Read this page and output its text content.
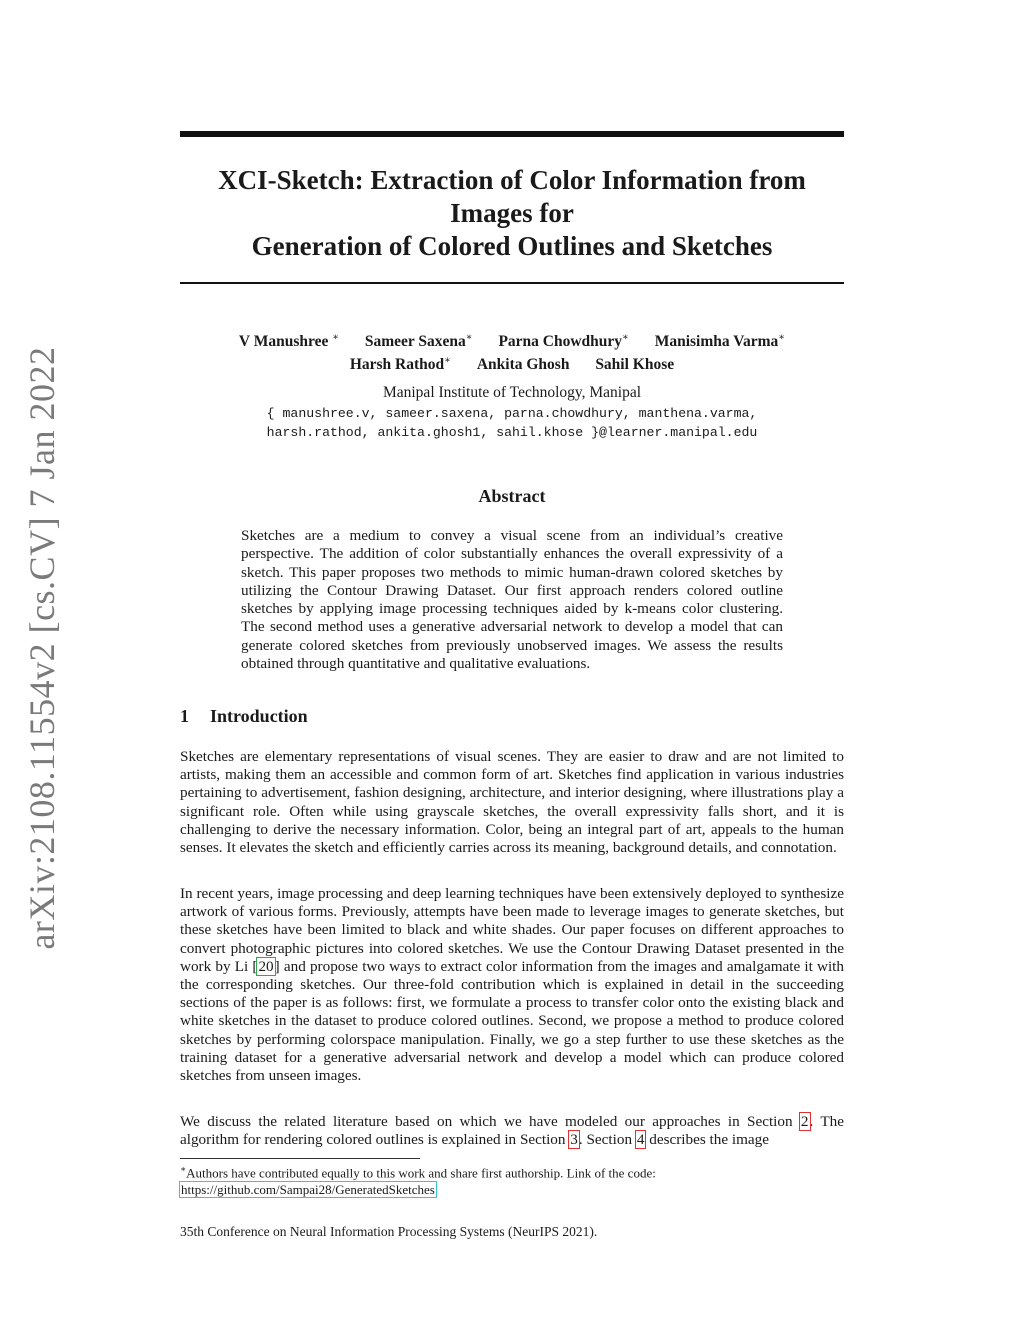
arXiv:2108.11554v2 [cs.CV] 7 Jan 2022
XCI-Sketch: Extraction of Color Information from
Images for
Generation of Colored Outlines and Sketches
V Manushree ∗ Sameer Saxena∗ Parna Chowdhury∗ Manisimha Varma∗
Harsh Rathod∗ Ankita Ghosh Sahil Khose
Manipal Institute of Technology, Manipal
{ manushree.v, sameer.saxena, parna.chowdhury, manthena.varma,
harsh.rathod, ankita.ghosh1, sahil.khose }@learner.manipal.edu
Abstract

Sketches are a medium to convey a visual scene from an individual’s creative perspective. The addition of color substantially enhances the overall expressivity of a sketch. This paper proposes two methods to mimic human-drawn colored sketches by utilizing the Contour Drawing Dataset. Our first approach renders colored outline sketches by applying image processing techniques aided by k-means color clustering. The second method uses a generative adversarial network to develop a model that can generate colored sketches from previously unobserved images. We assess the results obtained through quantitative and qualitative evaluations.

1 Introduction

Sketches are elementary representations of visual scenes. They are easier to draw and are not limited to artists, making them an accessible and common form of art. Sketches find application in various industries pertaining to advertisement, fashion designing, architecture, and interior designing, where illustrations play a significant role. Often while using grayscale sketches, the overall expressivity falls short, and it is challenging to derive the necessary information. Color, being an integral part of art, appeals to the human senses. It elevates the sketch and efficiently carries across its meaning, background details, and connotation.

In recent years, image processing and deep learning techniques have been extensively deployed to synthesize artwork of various forms. Previously, attempts have been made to leverage images to generate sketches, but these sketches have been limited to black and white shades. Our paper focuses on different approaches to convert photographic pictures into colored sketches. We use the Contour Drawing Dataset presented in the work by Li [20] and propose two ways to extract color information from the images and amalgamate it with the corresponding sketches. Our three-fold contribution which is explained in detail in the succeeding sections of the paper is as follows: first, we formulate a process to transfer color onto the existing black and white sketches in the dataset to produce colored outlines. Second, we propose a method to produce colored sketches by performing colorspace manipulation. Finally, we go a step further to use these sketches as the training dataset for a generative adversarial network and develop a model which can produce colored sketches from unseen images.

We discuss the related literature based on which we have modeled our approaches in Section 2. The algorithm for rendering colored outlines is explained in Section 3. Section 4 describes the image

∗Authors have contributed equally to this work and share first authorship. Link of the code:
https://github.com/Sampai28/GeneratedSketches

35th Conference on Neural Information Processing Systems (NeurIPS 2021).
